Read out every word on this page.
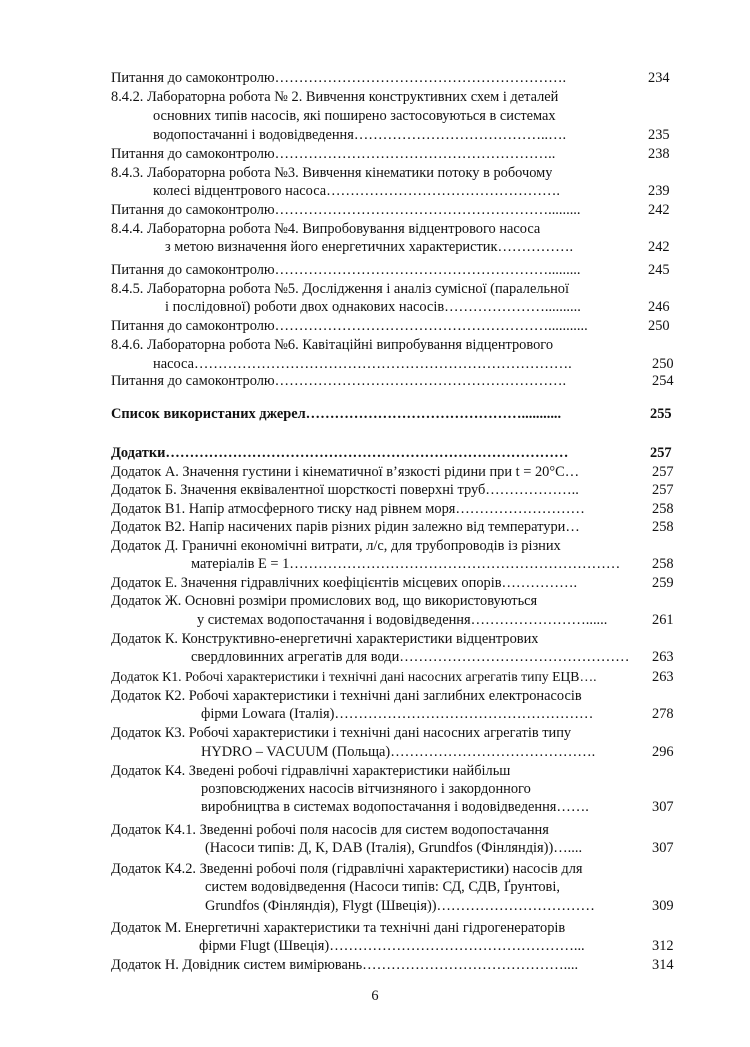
Питання до самоконтролю…………………………………………………….	234
8.4.2. Лабораторна робота № 2. Вивчення конструктивних схем і деталей
основних типів насосів, які поширено застосовуються в системах
водопостачанні і водовідведення…………………………………..….	235
Питання до самоконтролю…………………………………………………..	238
8.4.3. Лабораторна робота №3. Вивчення кінематики потоку в робочому
колесі відцентрового насоса………………………………………….	239
Питання до самоконтролю………………………………………………….........	242
8.4.4. Лабораторна робота №4. Випробовування відцентрового насоса
з метою визначення його енергетичних характеристик…………….	242
Питання до самоконтролю………………………………………………….........	245
8.4.5. Лабораторна робота №5. Дослідження і аналіз сумісної (паралельної
і послідовної) роботи двох однакових насосів…………………..........	246
Питання до самоконтролю…………………………………………………...........	250
8.4.6. Лабораторна робота №6. Кавітаційні випробування відцентрового
насоса…………………………………………………………………….	250
Питання до самоконтролю…………………………………………………….	254
Список використаних джерел………………………………………...........	255
Додатки…………………………………………………………………………	257
Додаток А. Значення густини і кінематичної в’язкості рідини при t = 20°С…	257
Додаток Б. Значення еквівалентної шорсткості поверхні труб………………..	257
Додаток В1. Напір атмосферного тиску над рівнем моря………………………	258
Додаток В2. Напір насичених парів різних рідин залежно від температури…	258
Додаток Д. Граничні економічні витрати, л/с, для трубопроводів із різних
матеріалів Е = 1…………………………………………………………… 258
Додаток Е. Значення гідравлічних коефіцієнтів місцевих опорів…………….	259
Додаток Ж. Основні розміри промислових вод, що використовуються
у системах водопостачання і водовідведення……………………......	261
Додаток К. Конструктивно-енергетичні характеристики відцентрових
свердловинних агрегатів для води………………………………………… 263
Додаток К1. Робочі характеристики і технічні дані насосних агрегатів типу ЕЦВ….	263
Додаток К2. Робочі характеристики і технічні дані заглибних електронасосів
фірми Lowara (Італія)………………………………………………	278
Додаток К3. Робочі характеристики і технічні дані насосних агрегатів типу
HYDRO – VACUUM (Польща)…………………………………….	296
Додаток К4. Зведені робочі гідравлічні характеристики найбільш
розповсюджених насосів вітчизняного і закордонного
виробництва в системах водопостачання і водовідведення…….	307
Додаток К4.1. Зведенні робочі поля насосів для систем водопостачання
(Насоси типів: Д, К, DAB (Італія), Grundfos (Фінляндія))…....	307
Додаток К4.2. Зведенні робочі поля (гідравлічні характеристики) насосів для
систем водовідведення (Насоси типів: СД, СДВ, Ґрунтові,
Grundfos (Фінляндія), Flygt (Швеція))……………………………	309
Додаток М. Енергетичні характеристики та технічні дані гідрогенераторів
фірми Flugt (Швеція)……………………………………………...	312
Додаток Н. Довідник систем вимірювань……………………………………....	314
6
